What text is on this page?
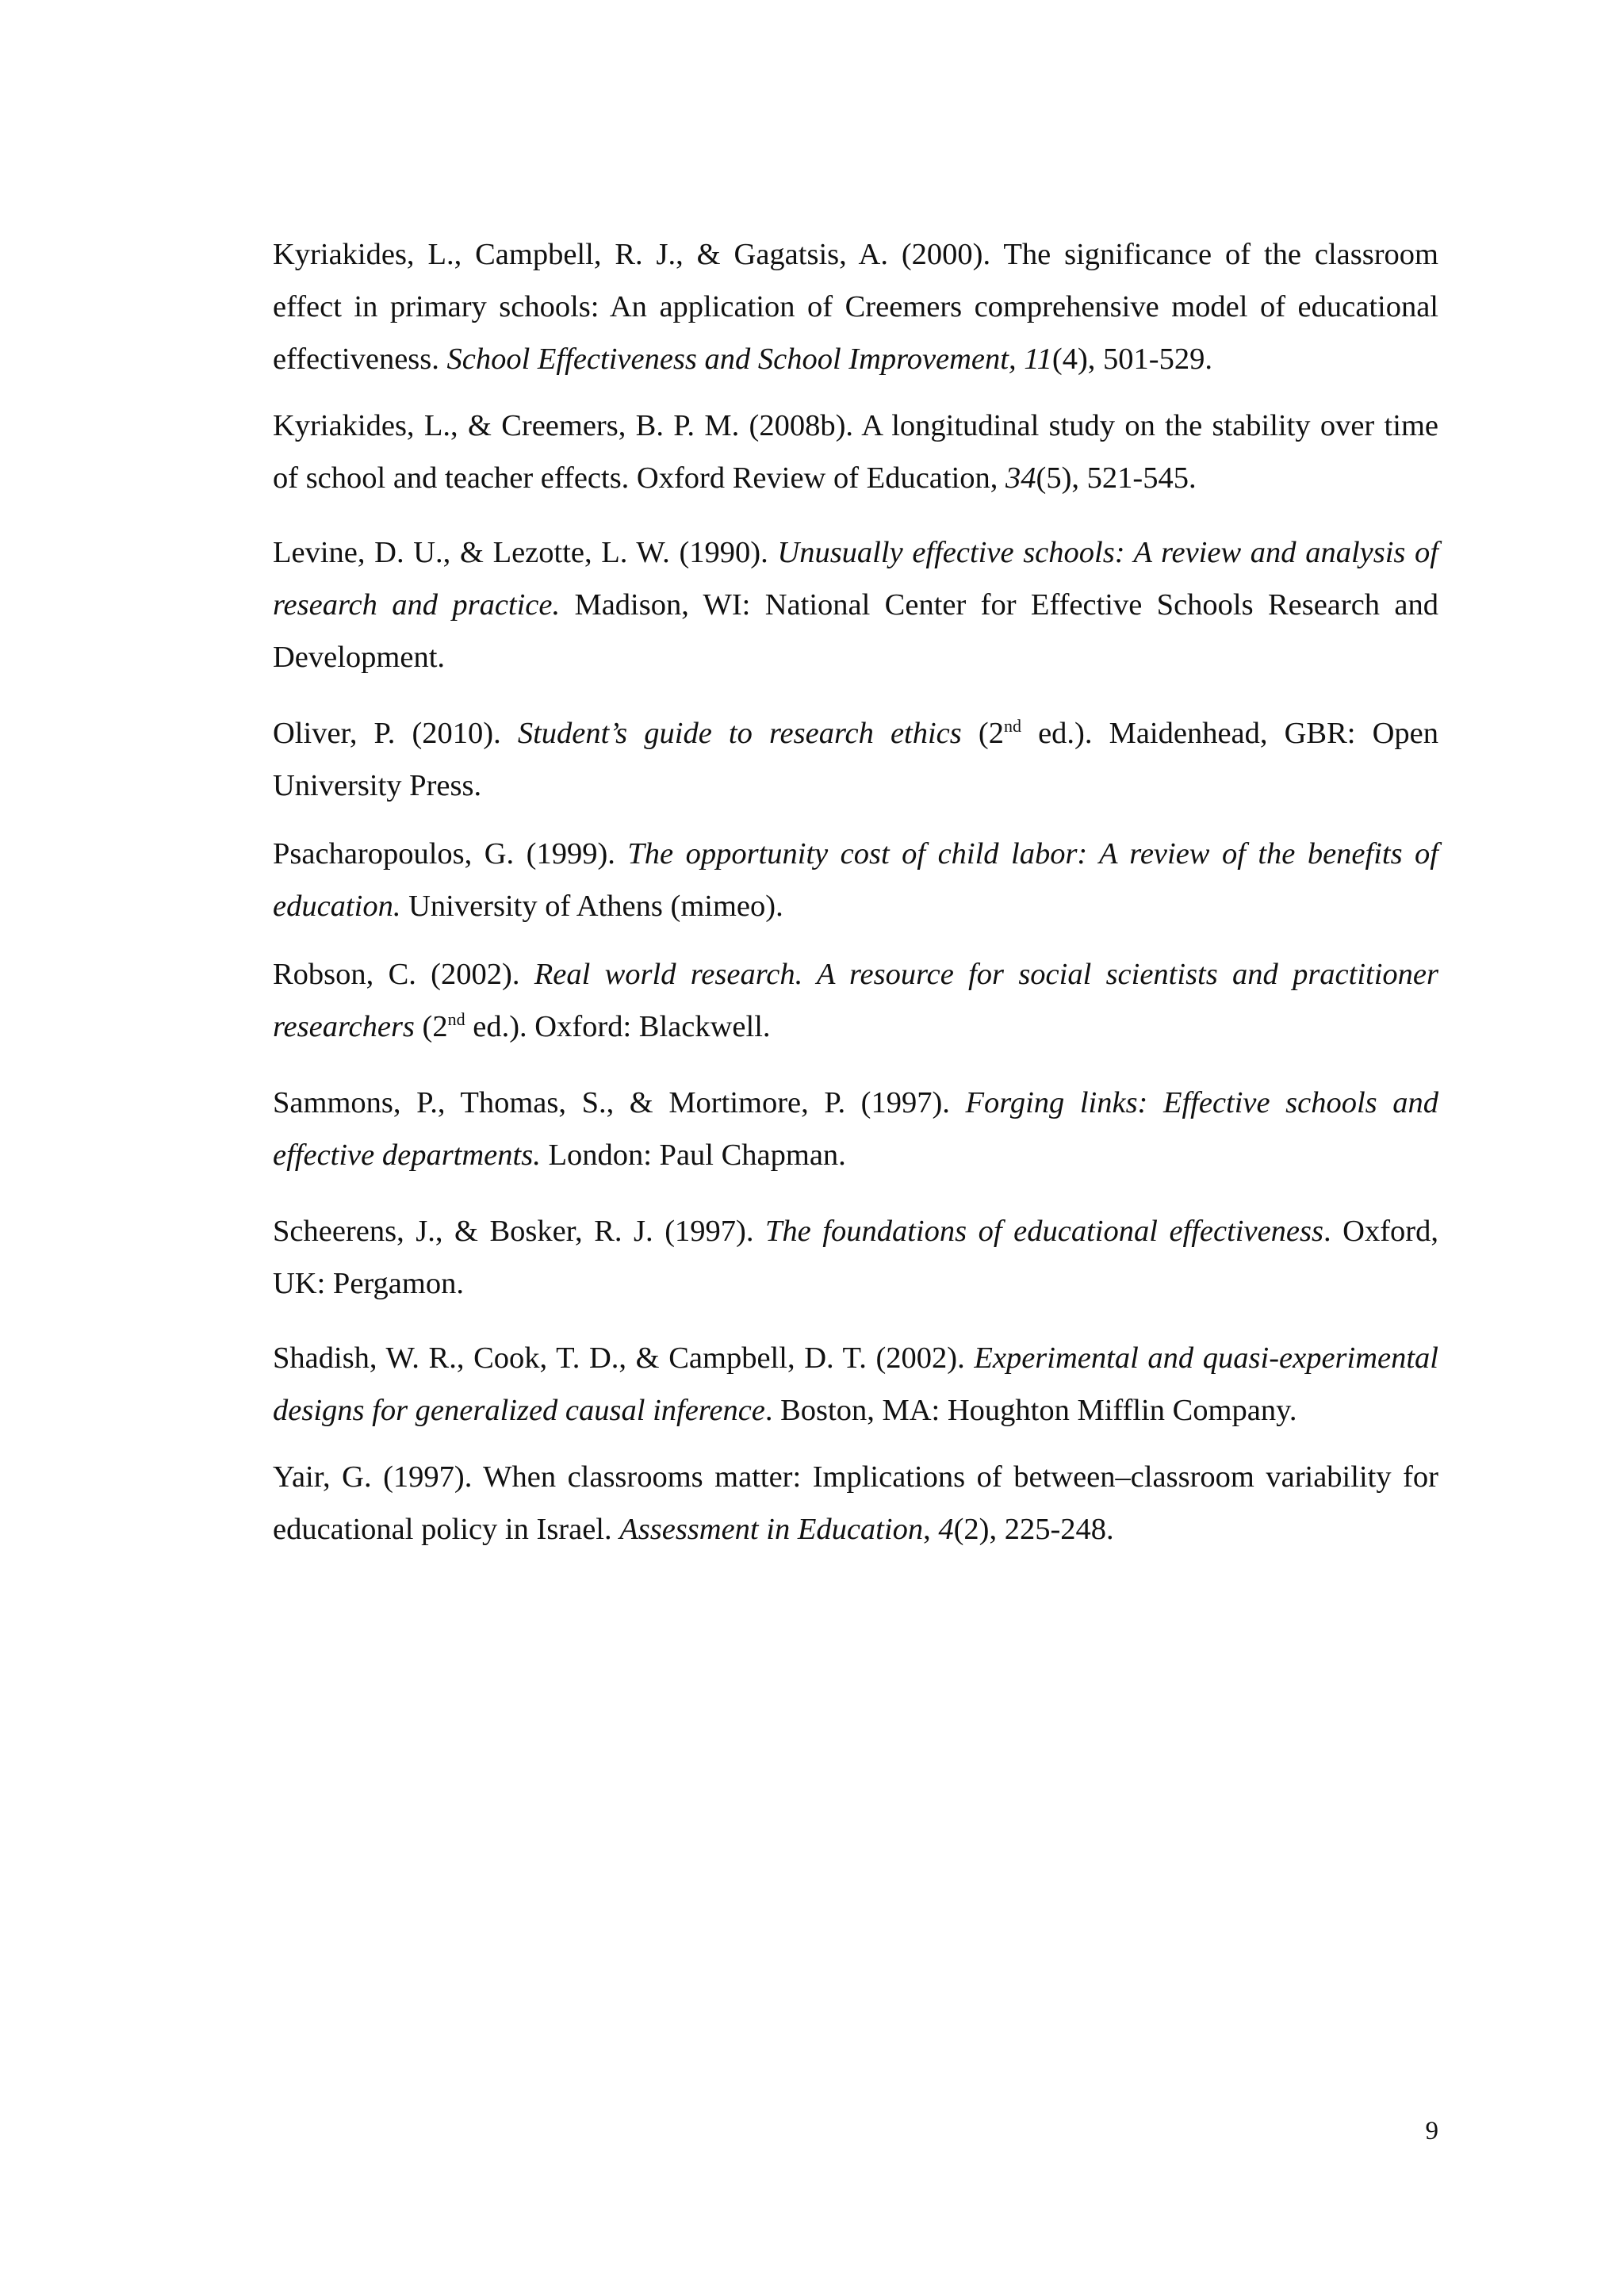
Kyriakides, L., Campbell, R. J., & Gagatsis, A. (2000). The significance of the classroom effect in primary schools: An application of Creemers comprehensive model of educational effectiveness. School Effectiveness and School Improvement, 11(4), 501-529.

Kyriakides, L., & Creemers, B. P. M. (2008b). A longitudinal study on the stability over time of school and teacher effects. Oxford Review of Education, 34(5), 521-545.

Levine, D. U., & Lezotte, L. W. (1990). Unusually effective schools: A review and analysis of research and practice. Madison, WI: National Center for Effective Schools Research and Development.

Oliver, P. (2010). Student’s guide to research ethics (2nd ed.). Maidenhead, GBR: Open University Press.

Psacharopoulos, G. (1999). The opportunity cost of child labor: A review of the benefits of education. University of Athens (mimeo).

Robson, C. (2002). Real world research. A resource for social scientists and practitioner researchers (2nd ed.). Oxford: Blackwell.

Sammons, P., Thomas, S., & Mortimore, P. (1997). Forging links: Effective schools and effective departments. London: Paul Chapman.

Scheerens, J., & Bosker, R. J. (1997). The foundations of educational effectiveness. Oxford, UK: Pergamon.

Shadish, W. R., Cook, T. D., & Campbell, D. T. (2002). Experimental and quasi-experimental designs for generalized causal inference. Boston, MA: Houghton Mifflin Company.

Yair, G. (1997). When classrooms matter: Implications of between–classroom variability for educational policy in Israel. Assessment in Education, 4(2), 225-248.

9
